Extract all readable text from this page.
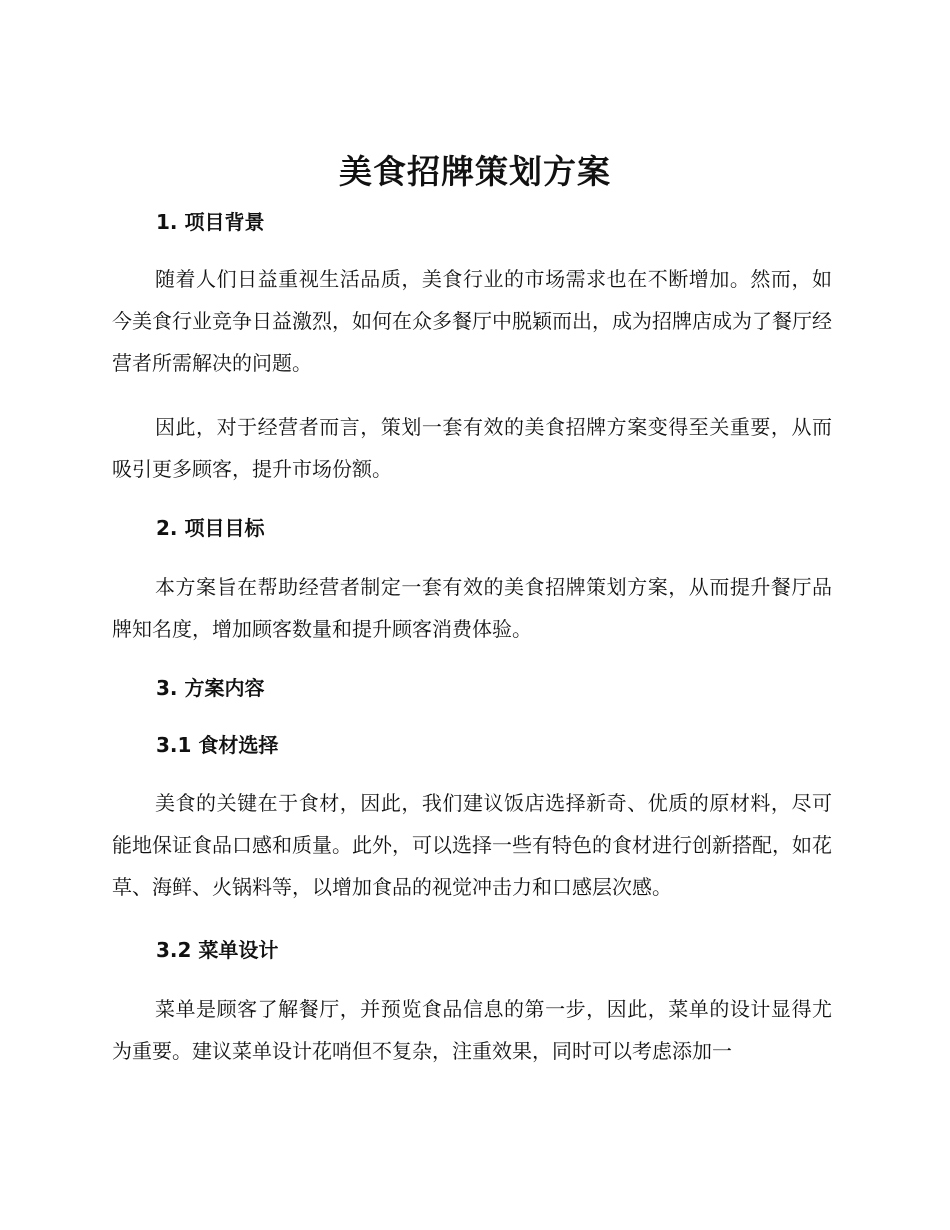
美食招牌策划方案
1. 项目背景
随着人们日益重视生活品质，美食行业的市场需求也在不断增加。然而，如今美食行业竞争日益激烈，如何在众多餐厅中脱颖而出，成为招牌店成为了餐厅经营者所需解决的问题。
因此，对于经营者而言，策划一套有效的美食招牌方案变得至关重要，从而吸引更多顾客，提升市场份额。
2. 项目目标
本方案旨在帮助经营者制定一套有效的美食招牌策划方案，从而提升餐厅品牌知名度，增加顾客数量和提升顾客消费体验。
3. 方案内容
3.1 食材选择
美食的关键在于食材，因此，我们建议饭店选择新奇、优质的原材料，尽可能地保证食品口感和质量。此外，可以选择一些有特色的食材进行创新搭配，如花草、海鲜、火锅料等，以增加食品的视觉冲击力和口感层次感。
3.2 菜单设计
菜单是顾客了解餐厅，并预览食品信息的第一步，因此，菜单的设计显得尤为重要。建议菜单设计花哨但不复杂，注重效果，同时可以考虑添加一
